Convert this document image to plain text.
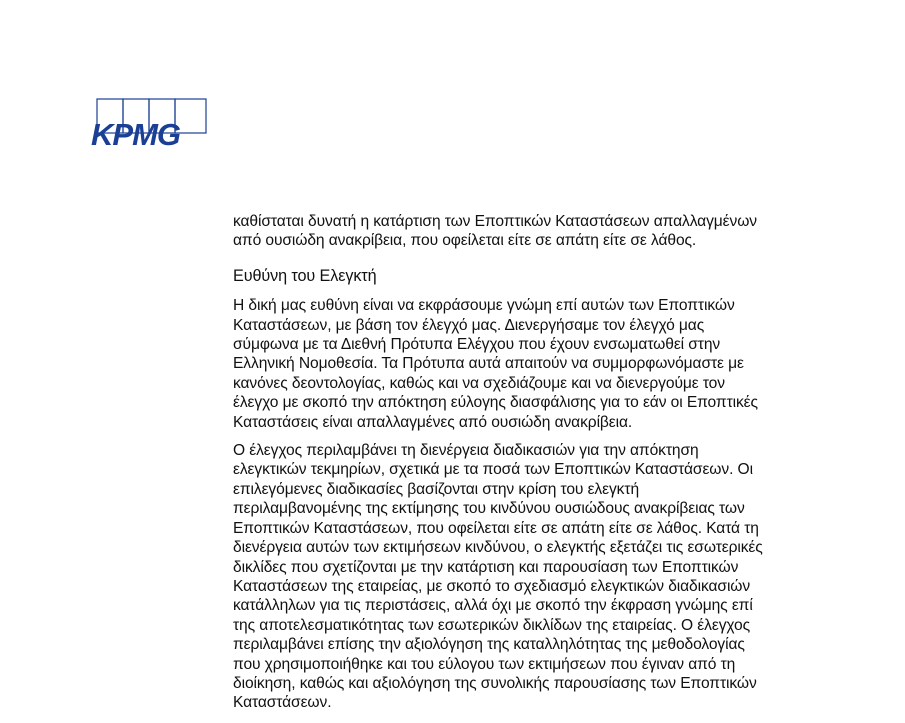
KPMG

καθίσταται δυνατή η κατάρτιση των Εποπτικών Καταστάσεων απαλλαγμένων

από ουσιώδη ανακρίβεια, που οφείλεται είτε σε απάτη είτε σε λάθος.

Ευθύνη του Ελεγκτή

Η δική μας ευθύνη είναι να εκφράσουμε γνώμη επί αυτών των Εποπτικών

Καταστάσεων, με βάση τον έλεγχό μας. Διενεργήσαμε τον έλεγχό μας

σύμφωνα με τα Διεθνή Πρότυπα Ελέγχου που έχουν ενσωματωθεί στην

Ελληνική Νομοθεσία. Τα Πρότυπα αυτά απαιτούν να συμμορφωνόμαστε με

κανόνες δεοντολογίας, καθώς και να σχεδιάζουμε και να διενεργούμε τον

έλεγχο με σκοπό την απόκτηση εύλογης διασφάλισης για το εάν οι Εποπτικές

Καταστάσεις είναι απαλλαγμένες από ουσιώδη ανακρίβεια.

Ο έλεγχος περιλαμβάνει τη διενέργεια διαδικασιών για την απόκτηση

ελεγκτικών τεκμηρίων, σχετικά με τα ποσά των Εποπτικών Καταστάσεων. Οι

επιλεγόμενες διαδικασίες βασίζονται στην κρίση του ελεγκτή

περιλαμβανομένης της εκτίμησης του κινδύνου ουσιώδους ανακρίβειας των

Εποπτικών Καταστάσεων, που οφείλεται είτε σε απάτη είτε σε λάθος. Κατά τη

διενέργεια αυτών των εκτιμήσεων κινδύνου, ο ελεγκτής εξετάζει τις εσωτερικές

δικλίδες που σχετίζονται με την κατάρτιση και παρουσίαση των Εποπτικών

Καταστάσεων της εταιρείας, με σκοπό το σχεδιασμό ελεγκτικών διαδικασιών

κατάλληλων για τις περιστάσεις, αλλά όχι με σκοπό την έκφραση γνώμης επί

της αποτελεσματικότητας των εσωτερικών δικλίδων της εταιρείας. Ο έλεγχος

περιλαμβάνει επίσης την αξιολόγηση της καταλληλότητας της μεθοδολογίας

που χρησιμοποιήθηκε και του εύλογου των εκτιμήσεων που έγιναν από τη

διοίκηση, καθώς και αξιολόγηση της συνολικής παρουσίασης των Εποπτικών

Καταστάσεων.
